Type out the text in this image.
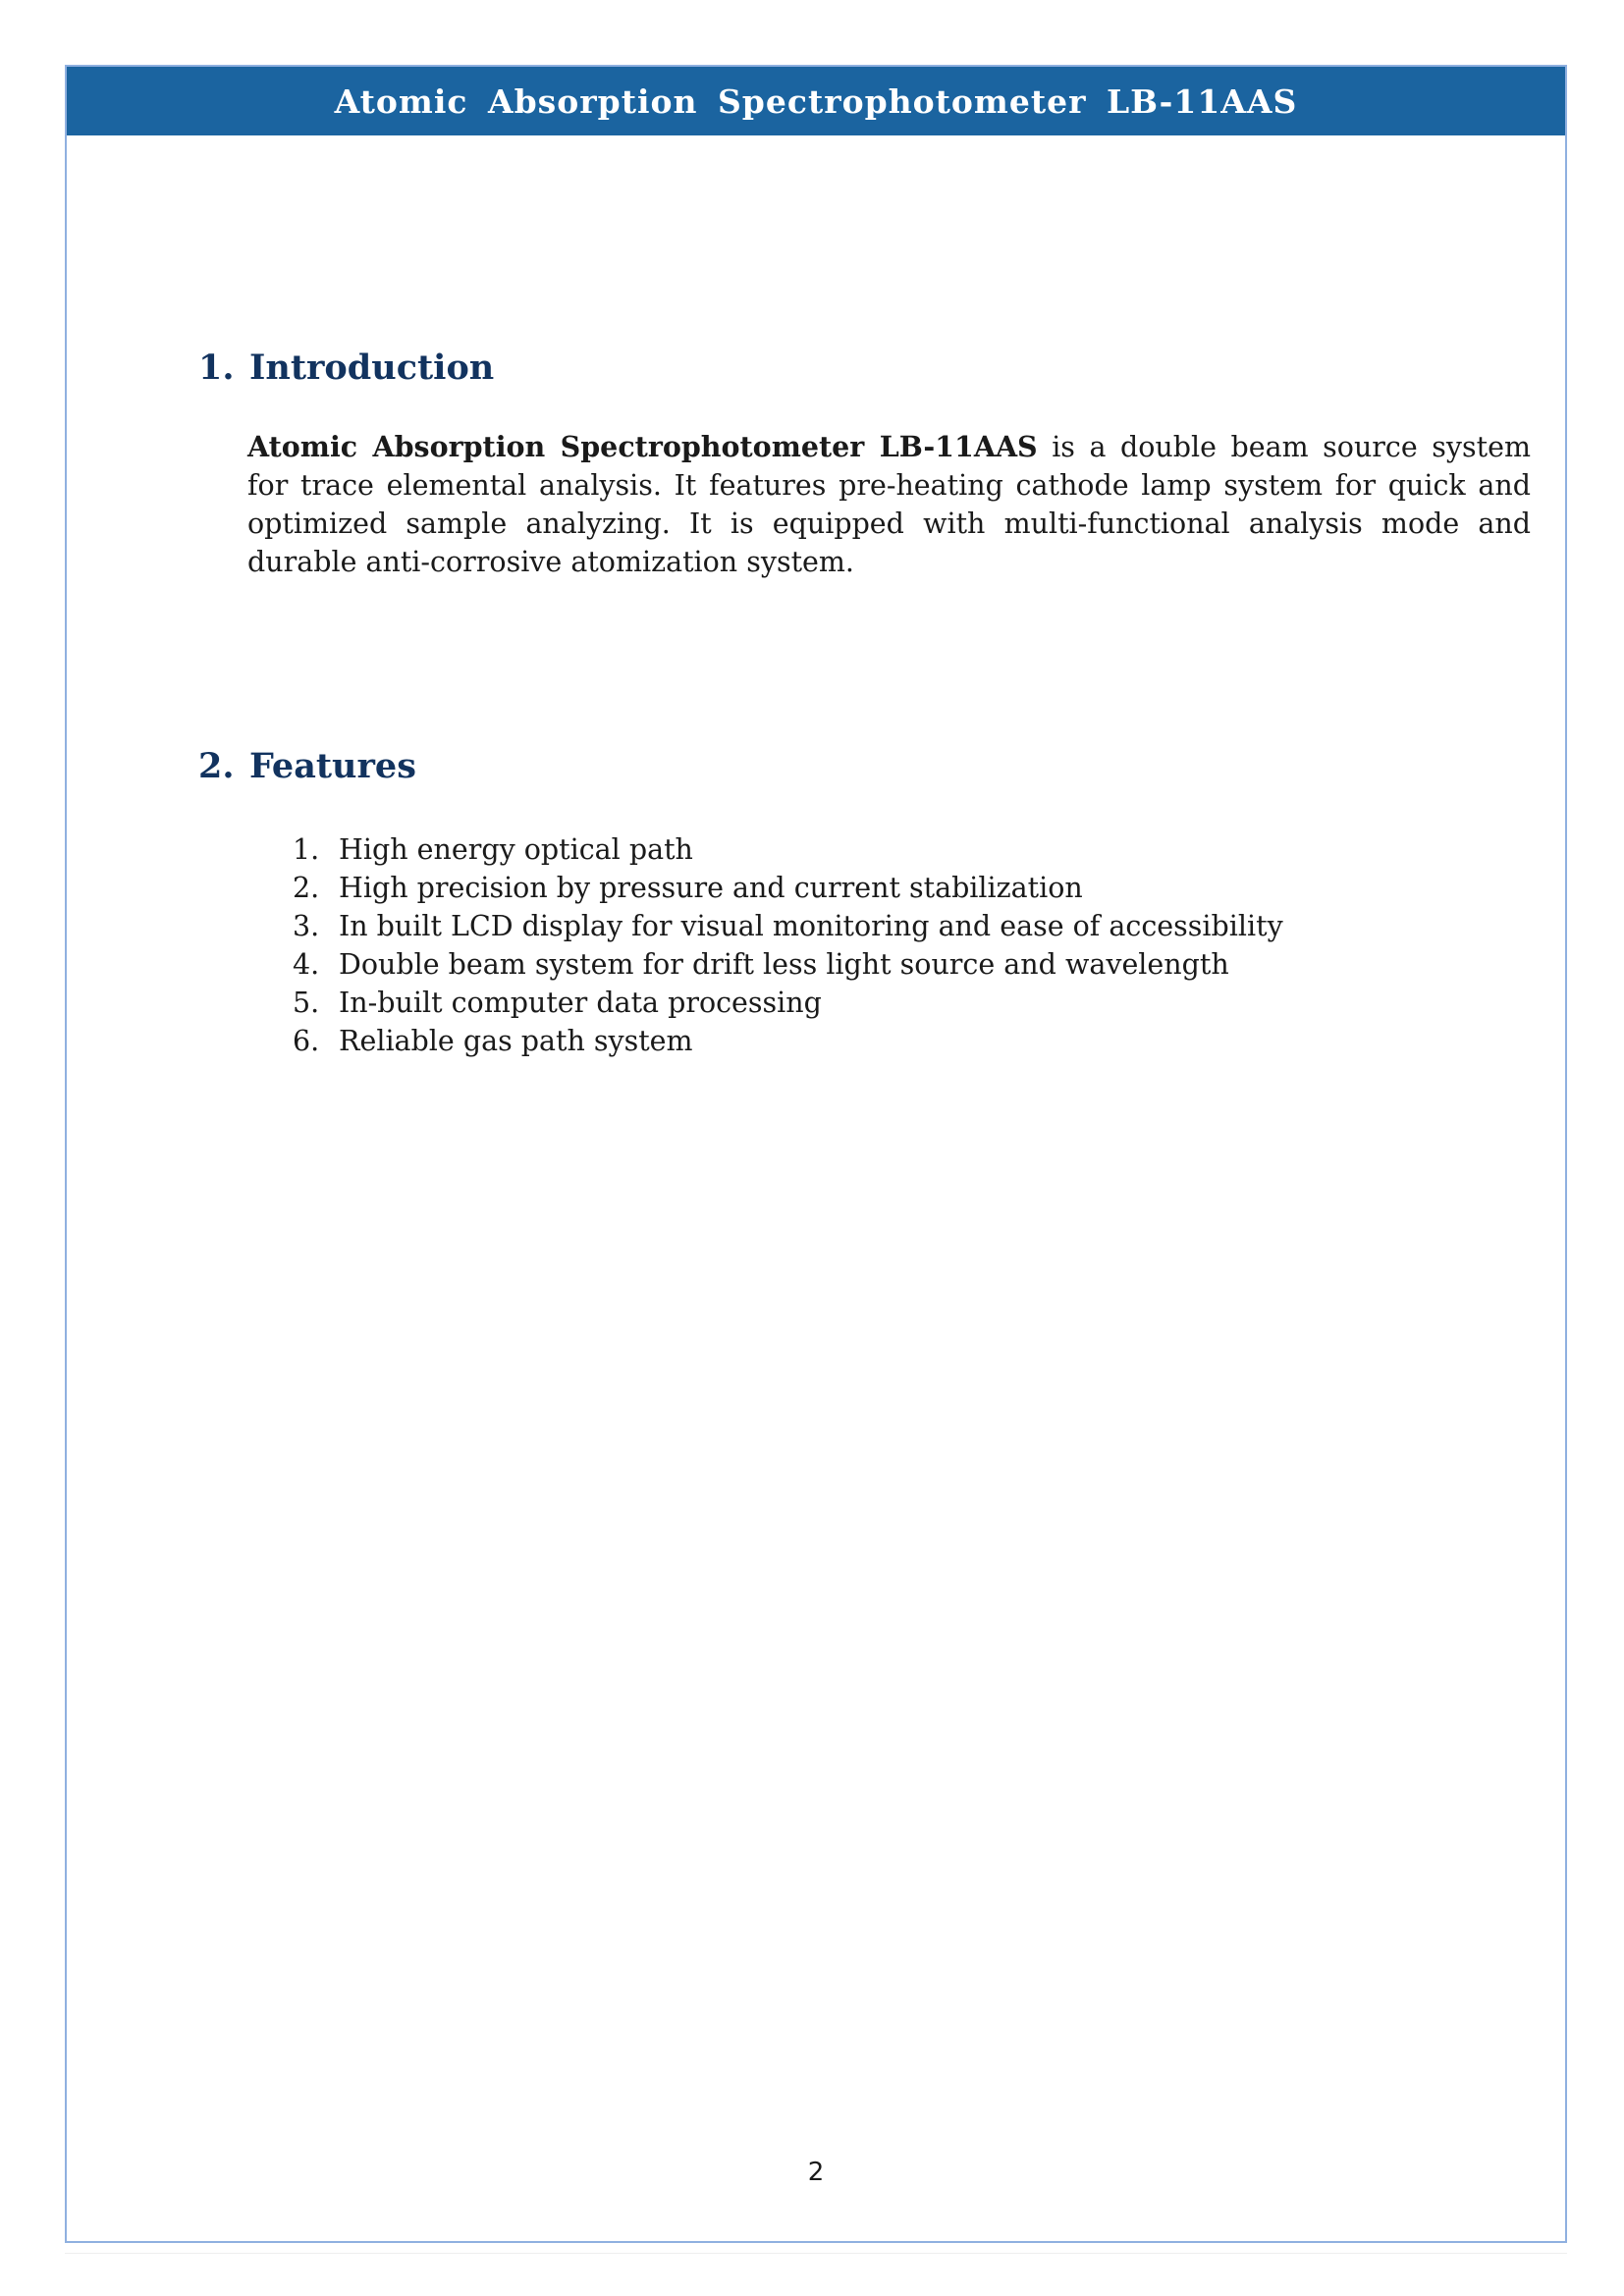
Atomic Absorption Spectrophotometer LB-11AAS
1. Introduction

Atomic Absorption Spectrophotometer LB-11AAS is a double beam source system for trace elemental analysis. It features pre-heating cathode lamp system for quick and optimized sample analyzing. It is equipped with multi-functional analysis mode and durable anti-corrosive atomization system.

2. Features
1. High energy optical path
2. High precision by pressure and current stabilization
3. In built LCD display for visual monitoring and ease of accessibility
4. Double beam system for drift less light source and wavelength
5. In-built computer data processing
6. Reliable gas path system
2
